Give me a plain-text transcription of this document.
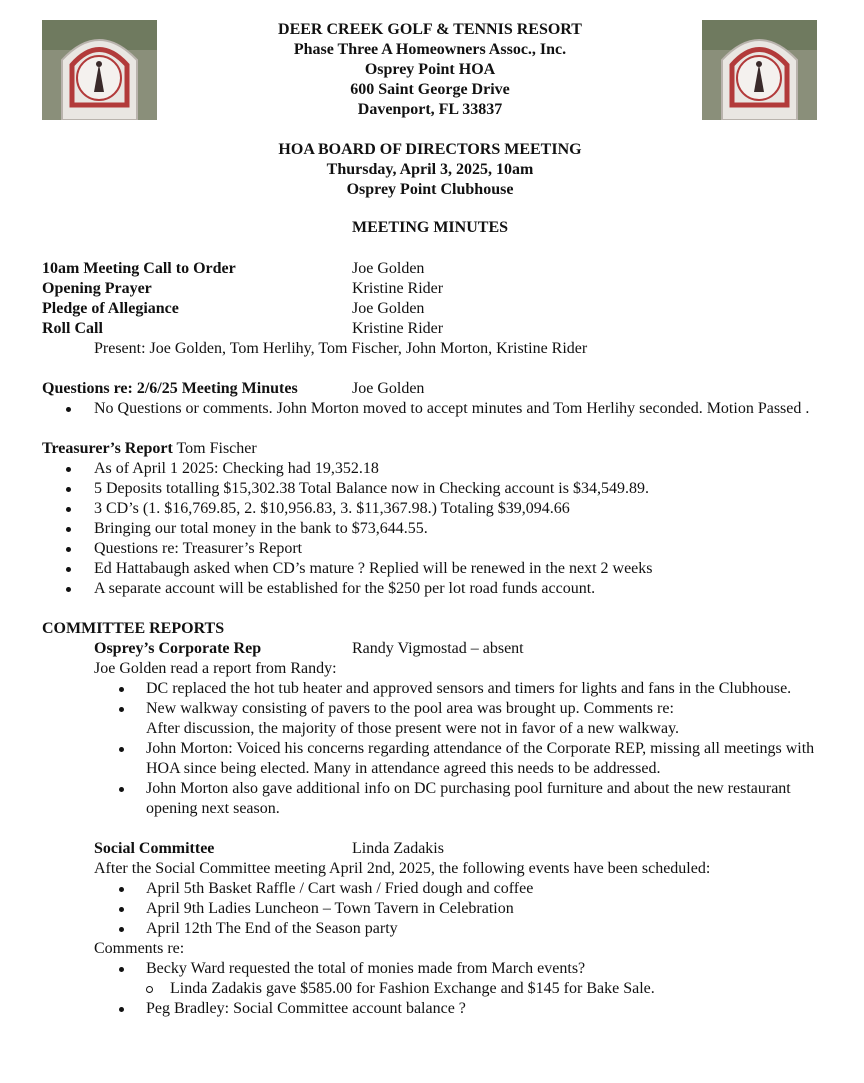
DEER CREEK GOLF & TENNIS RESORT
Phase Three A Homeowners Assoc., Inc.
Osprey Point HOA
600 Saint George Drive
Davenport, FL 33837
HOA BOARD OF DIRECTORS MEETING
Thursday, April 3, 2025, 10am
Osprey Point Clubhouse
MEETING MINUTES
10am Meeting Call to Order	Joe Golden
Opening Prayer	Kristine Rider
Pledge of Allegiance	Joe Golden
Roll Call	Kristine Rider
Present: Joe Golden, Tom Herlihy, Tom Fischer, John Morton, Kristine Rider
Questions re: 2/6/25 Meeting Minutes	Joe Golden
No Questions or comments. John Morton moved to accept minutes and Tom Herlihy seconded. Motion Passed .
Treasurer’s Report Tom Fischer
As of April 1 2025: Checking had 19,352.18
5 Deposits totalling $15,302.38 Total Balance now in Checking account is $34,549.89.
3 CD’s (1. $16,769.85, 2. $10,956.83, 3. $11,367.98.) Totaling $39,094.66
Bringing our total money in the bank to $73,644.55.
Questions re: Treasurer’s Report
Ed Hattabaugh asked when CD’s mature ? Replied will be renewed in the next 2 weeks
A separate account will be established for the $250 per lot road funds account.
COMMITTEE REPORTS
Osprey’s Corporate Rep	Randy Vigmostad – absent
Joe Golden read a report from Randy:
DC replaced the hot tub heater and approved sensors and timers for lights and fans in the Clubhouse.
New walkway consisting of pavers to the pool area was brought up. Comments re:
After discussion, the majority of those present were not in favor of a new walkway.
John Morton: Voiced his concerns regarding attendance of the Corporate REP, missing all meetings with HOA since being elected. Many in attendance agreed this needs to be addressed.
John Morton also gave additional info on DC purchasing pool furniture and about the new restaurant opening next season.
Social Committee	Linda Zadakis
After the Social Committee meeting April 2nd, 2025, the following events have been scheduled:
April 5th Basket Raffle / Cart wash / Fried dough and coffee
April 9th Ladies Luncheon – Town Tavern in Celebration
April 12th The End of the Season party
Comments re:
Becky Ward requested the total of monies made from March events?
Linda Zadakis gave $585.00 for Fashion Exchange and $145 for Bake Sale.
Peg Bradley: Social Committee account balance ?
